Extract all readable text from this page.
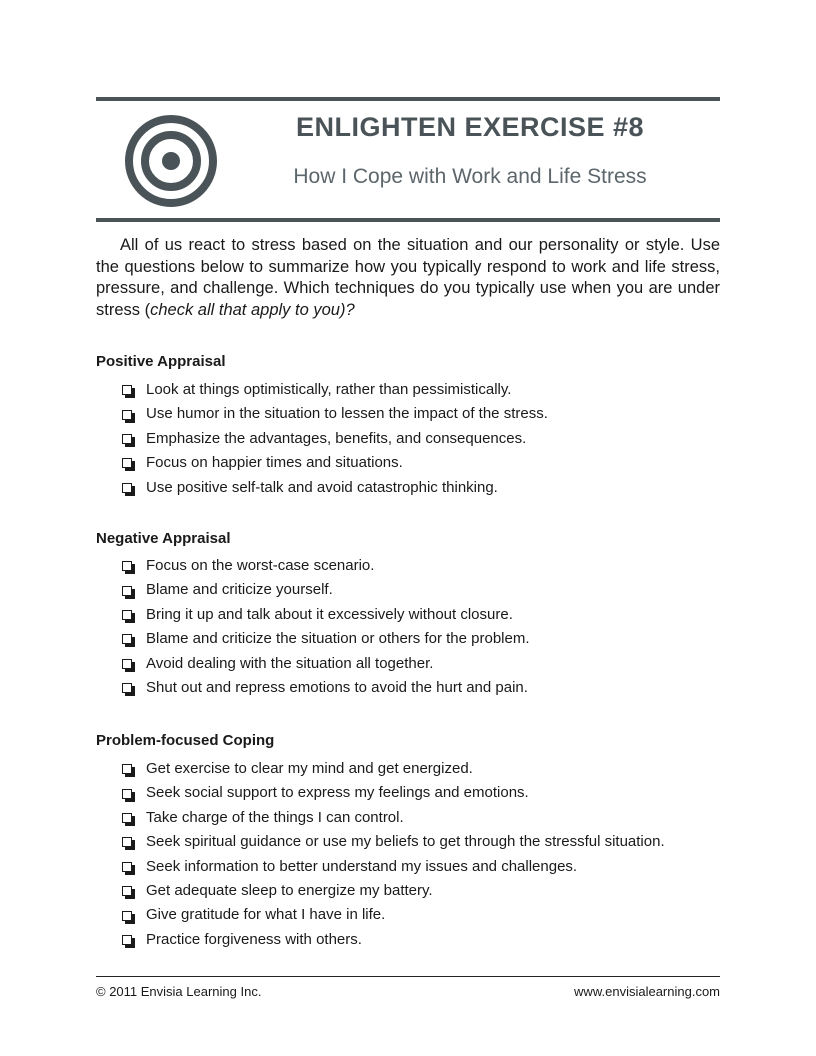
ENLIGHTEN EXERCISE #8
How I Cope with Work and Life Stress

All of us react to stress based on the situation and our personality or style. Use the questions below to summarize how you typically respond to work and life stress, pressure, and challenge. Which techniques do you typically use when you are under stress (check all that apply to you)?

Positive Appraisal

Look at things optimistically, rather than pessimistically.
Use humor in the situation to lessen the impact of the stress.
Emphasize the advantages, benefits, and consequences.
Focus on happier times and situations.
Use positive self-talk and avoid catastrophic thinking.

Negative Appraisal

Focus on the worst-case scenario.
Blame and criticize yourself.
Bring it up and talk about it excessively without closure.
Blame and criticize the situation or others for the problem.
Avoid dealing with the situation all together.
Shut out and repress emotions to avoid the hurt and pain.

Problem-focused Coping

Get exercise to clear my mind and get energized.
Seek social support to express my feelings and emotions.
Take charge of the things I can control.
Seek spiritual guidance or use my beliefs to get through the stressful situation.
Seek information to better understand my issues and challenges.
Get adequate sleep to energize my battery.
Give gratitude for what I have in life.
Practice forgiveness with others.
© 2011 Envisia Learning Inc.	www.envisialearning.com
